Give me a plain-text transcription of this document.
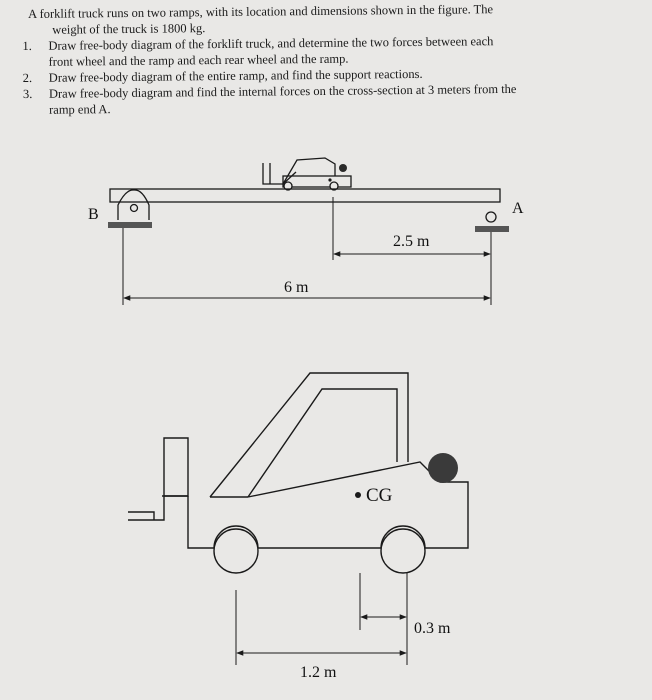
A forklift truck runs on two ramps, with its location and dimensions shown in the figure. The
weight of the truck is 1800 kg.

1. Draw free-body diagram of the forklift truck, and determine the two forces between each
front wheel and the ramp and each rear wheel and the ramp.
2. Draw free-body diagram of the entire ramp, and find the support reactions.
3. Draw free-body diagram and find the internal forces on the cross-section at 3 meters from the
ramp end A.
B	A
2.5 m
6 m
CG
0.3 m
1.2 m
